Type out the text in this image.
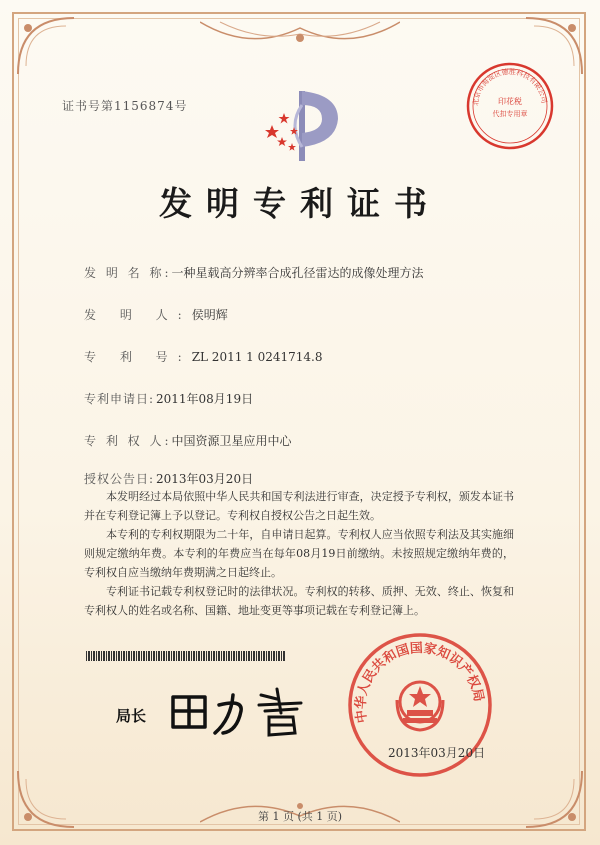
证书号第1156874号	印花税
代扣专用章
北京市海淀区德胜科技有限公司
发明专利证书
发 明 名 称:一种星载高分辨率合成孔径雷达的成像处理方法
发 明 人:侯明辉
专 利 号:ZL 2011 1 0241714.8
专利申请日: 2011年08月19日
专 利 权 人:中国资源卫星应用中心
授权公告日: 2013年03月20日

本发明经过本局依照中华人民共和国专利法进行审查，决定授予专利权，颁发本证书并在专利登记簿上予以登记。专利权自授权公告之日起生效。

本专利的专利权期限为二十年，自申请日起算。专利权人应当依照专利法及其实施细则规定缴纳年费。本专利的年费应当在每年08月19日前缴纳。未按照规定缴纳年费的，专利权自应当缴纳年费期满之日起终止。

专利证书记载专利权登记时的法律状况。专利权的转移、质押、无效、终止、恢复和专利权人的姓名或名称、国籍、地址变更等事项记载在专利登记簿上。

中华人民共和国国家知识产权局
局长
2013年03月20日
第 1 页 (共 1 页)
